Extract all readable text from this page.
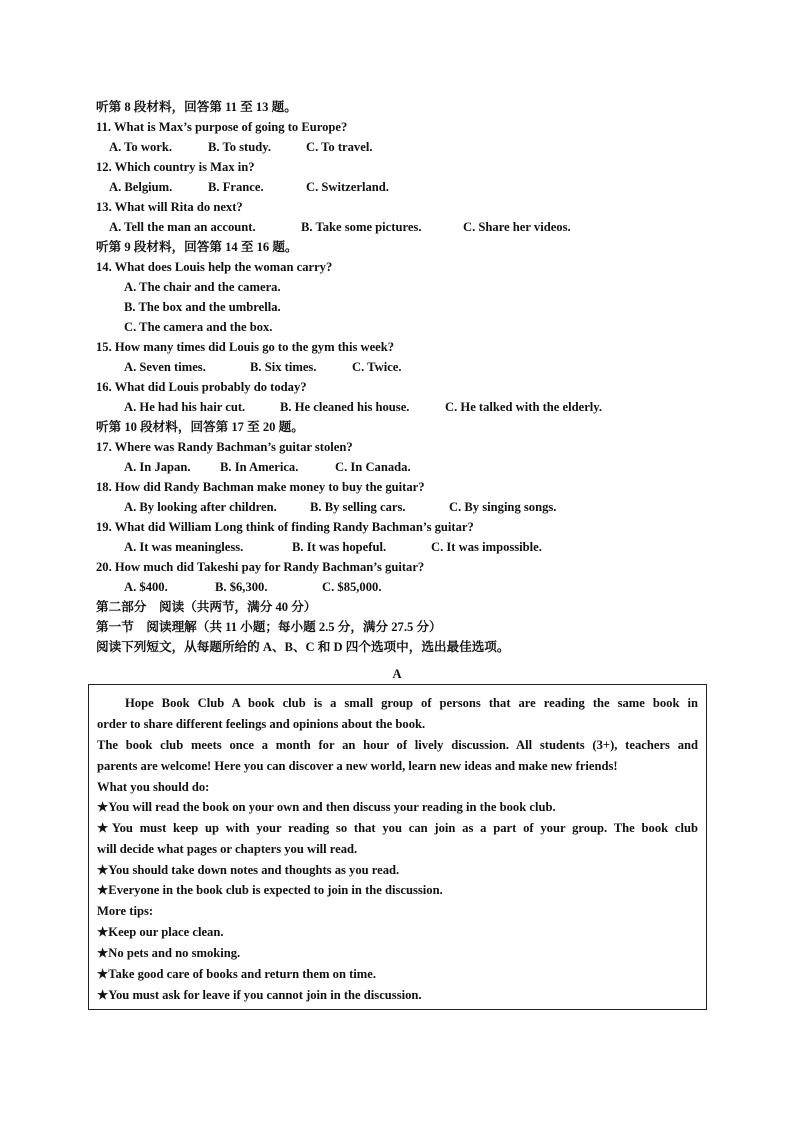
听第 8 段材料，回答第 11 至 13 题。
11. What is Max’s purpose of going to Europe?
A. To work.	B. To study.	C. To travel.
12. Which country is Max in?
A. Belgium.	B. France.	C. Switzerland.
13. What will Rita do next?
A. Tell the man an account.	B. Take some pictures.	C. Share her videos.
听第 9 段材料，回答第 14 至 16 题。
14. What does Louis help the woman carry?
A. The chair and the camera.
B. The box and the umbrella.
C. The camera and the box.
15. How many times did Louis go to the gym this week?
A. Seven times.	B. Six times.	C. Twice.
16. What did Louis probably do today?
A. He had his hair cut.	B. He cleaned his house.	C. He talked with the elderly.
听第 10 段材料，回答第 17 至 20 题。
17. Where was Randy Bachman’s guitar stolen?
A. In Japan. B. In America.	C. In Canada.
18. How did Randy Bachman make money to buy the guitar?
A. By looking after children.	B. By selling cars.	C. By singing songs.
19. What did William Long think of finding Randy Bachman’s guitar?
A. It was meaningless.	B. It was hopeful.	C. It was impossible.
20. How much did Takeshi pay for Randy Bachman’s guitar?
A. $400.	B. $6,300.	C. $85,000.
第二部分　阅读（共两节，满分 40 分）
第一节　阅读理解（共 11 小题；每小题 2.5 分，满分 27.5 分）
阅读下列短文，从每题所给的 A、B、C 和 D 四个选项中，选出最佳选项。
A
Hope Book Club A book club is a small group of persons that are reading the same book in
order to share different feelings and opinions about the book.
The book club meets once a month for an hour of lively discussion. All students (3+), teachers and
parents are welcome! Here you can discover a new world, learn new ideas and make new friends!
What you should do:
★You will read the book on your own and then discuss your reading in the book club.
★You must keep up with your reading so that you can join as a part of your group. The book club
will decide what pages or chapters you will read.
★You should take down notes and thoughts as you read.
★Everyone in the book club is expected to join in the discussion.
More tips:
★Keep our place clean.
★No pets and no smoking.
★Take good care of books and return them on time.
★You must ask for leave if you cannot join in the discussion.
